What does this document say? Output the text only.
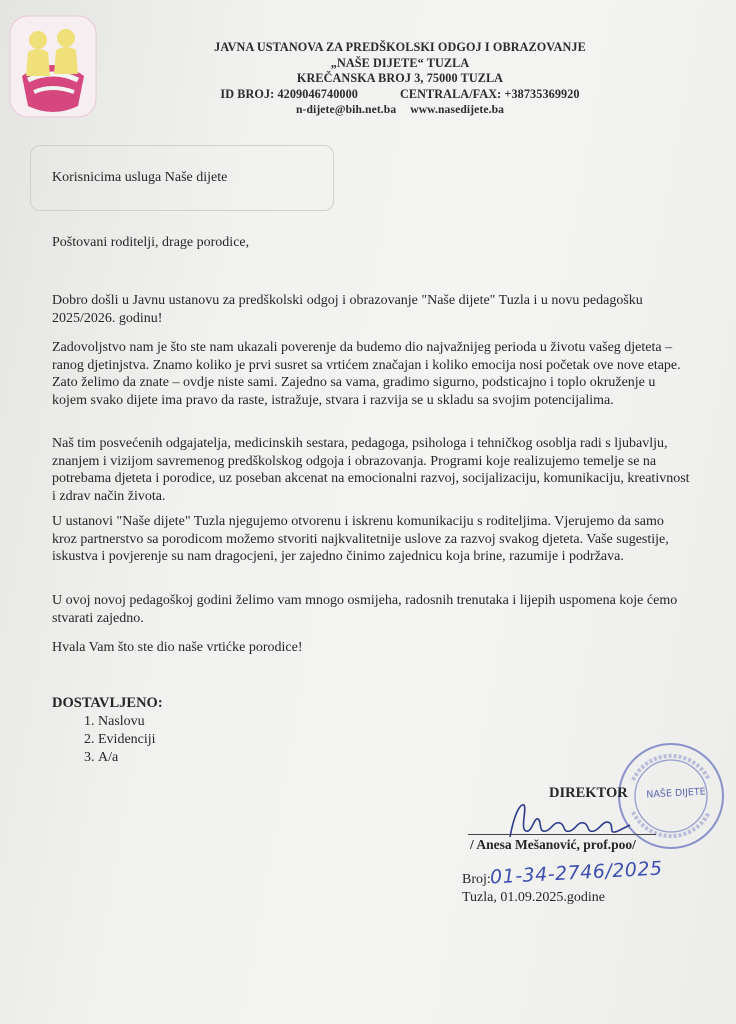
JAVNA USTANOVA ZA PREDŠKOLSKI ODGOJ I OBRAZOVANJE
„NAŠE DIJETE“ TUZLA
KREČANSKA BROJ 3, 75000 TUZLA
ID BROJ: 4209046740000	CENTRALA/FAX: +38735369920
n-dijete@bih.net.ba www.nasedijete.ba
Korisnicima usluga Naše dijete
Poštovani roditelji, drage porodice,
Dobro došli u Javnu ustanovu za predškolski odgoj i obrazovanje "Naše dijete" Tuzla i u novu pedagošku 2025/2026. godinu!
Zadovoljstvo nam je što ste nam ukazali poverenje da budemo dio najvažnijeg perioda u životu vašeg djeteta – ranog djetinjstva. Znamo koliko je prvi susret sa vrtićem značajan i koliko emocija nosi početak ove nove etape. Zato želimo da znate – ovdje niste sami. Zajedno sa vama, gradimo sigurno, podsticajno i toplo okruženje u kojem svako dijete ima pravo da raste, istražuje, stvara i razvija se u skladu sa svojim potencijalima.
Naš tim posvećenih odgajatelja, medicinskih sestara, pedagoga, psihologa i tehničkog osoblja radi s ljubavlju, znanjem i vizijom savremenog predškolskog odgoja i obrazovanja. Programi koje realizujemo temelje se na potrebama djeteta i porodice, uz poseban akcenat na emocionalni razvoj, socijalizaciju, komunikaciju, kreativnost i zdrav način života.
U ustanovi "Naše dijete" Tuzla njegujemo otvorenu i iskrenu komunikaciju s roditeljima. Vjerujemo da samo kroz partnerstvo sa porodicom možemo stvoriti najkvalitetnije uslove za razvoj svakog djeteta. Vaše sugestije, iskustva i povjerenje su nam dragocjeni, jer zajedno činimo zajednicu koja brine, razumije i podržava.
U ovoj novoj pedagoškoj godini želimo vam mnogo osmijeha, radosnih trenutaka i lijepih uspomena koje ćemo stvarati zajedno.
Hvala Vam što ste dio naše vrtićke porodice!
DOSTAVLJENO:
1. Naslovu
2. Evidenciji
3. A/a
NAŠE DIJETE
DIREKTOR
/ Anesa Mešanović, prof.poo/
Broj:
01-34-2746/2025
Tuzla, 01.09.2025.godine
